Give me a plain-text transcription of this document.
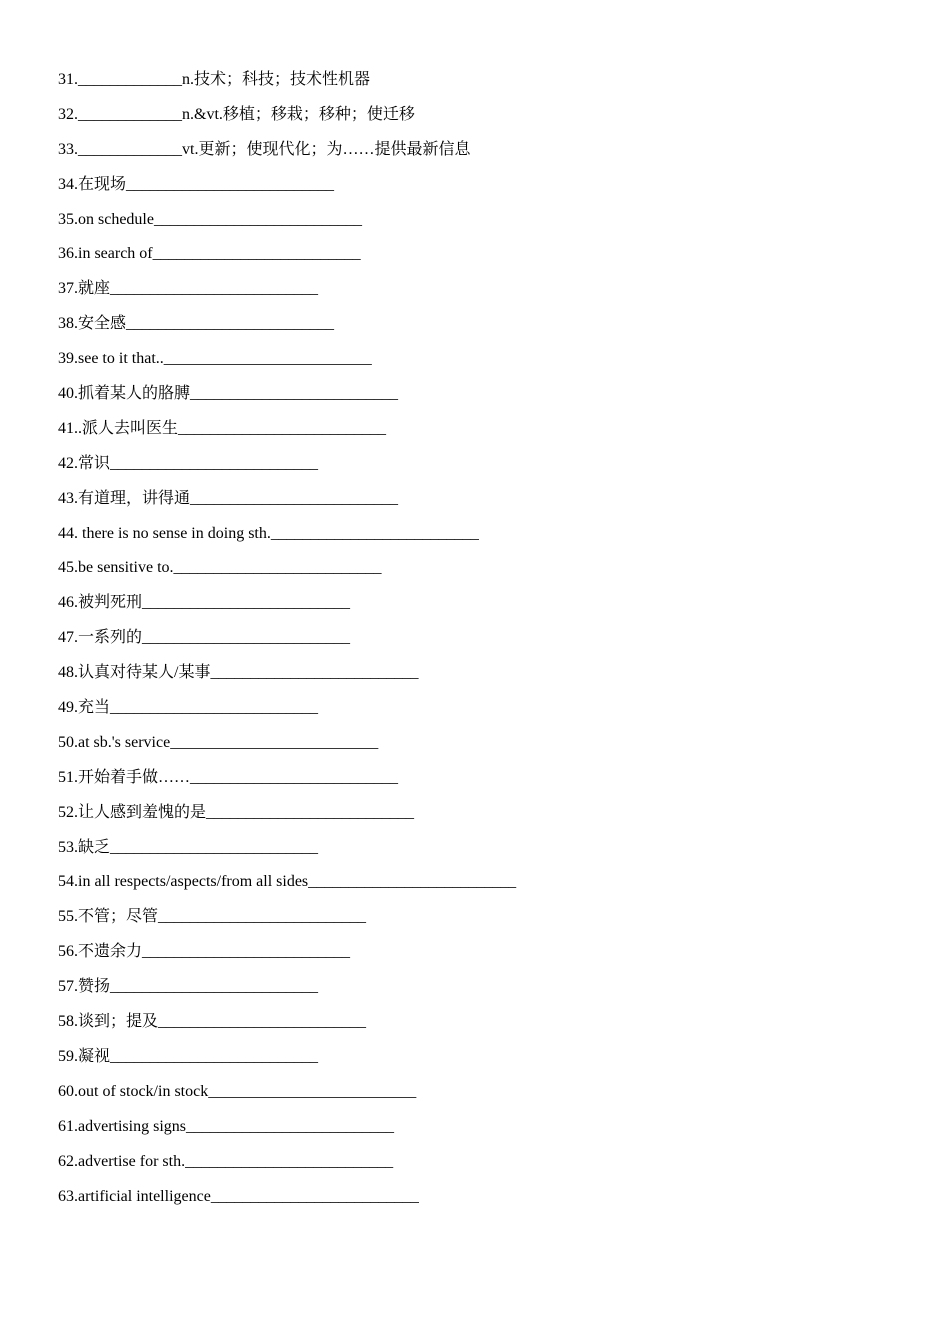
31._____________n.技术；科技；技术性机器
32._____________n.&vt.移植；移栽；移种；使迁移
33._____________vt.更新；使现代化；为……提供最新信息
34.在现场__________________________
35.on schedule__________________________
36.in search of__________________________
37.就座__________________________
38.安全感__________________________
39.see to it that..__________________________
40.抓着某人的胳膊__________________________
41..派人去叫医生__________________________
42.常识__________________________
43.有道理，讲得通__________________________
44. there is no sense in doing sth.__________________________
45.be sensitive to.__________________________
46.被判死刑__________________________
47.一系列的__________________________
48.认真对待某人/某事__________________________
49.充当__________________________
50.at sb.'s service__________________________
51.开始着手做……__________________________
52.让人感到羞愧的是__________________________
53.缺乏__________________________
54.in all respects/aspects/from all sides__________________________
55.不管；尽管__________________________
56.不遗余力__________________________
57.赞扬__________________________
58.谈到；提及__________________________
59.凝视__________________________
60.out of stock/in stock__________________________
61.advertising signs__________________________
62.advertise for sth.__________________________
63.artificial intelligence__________________________
